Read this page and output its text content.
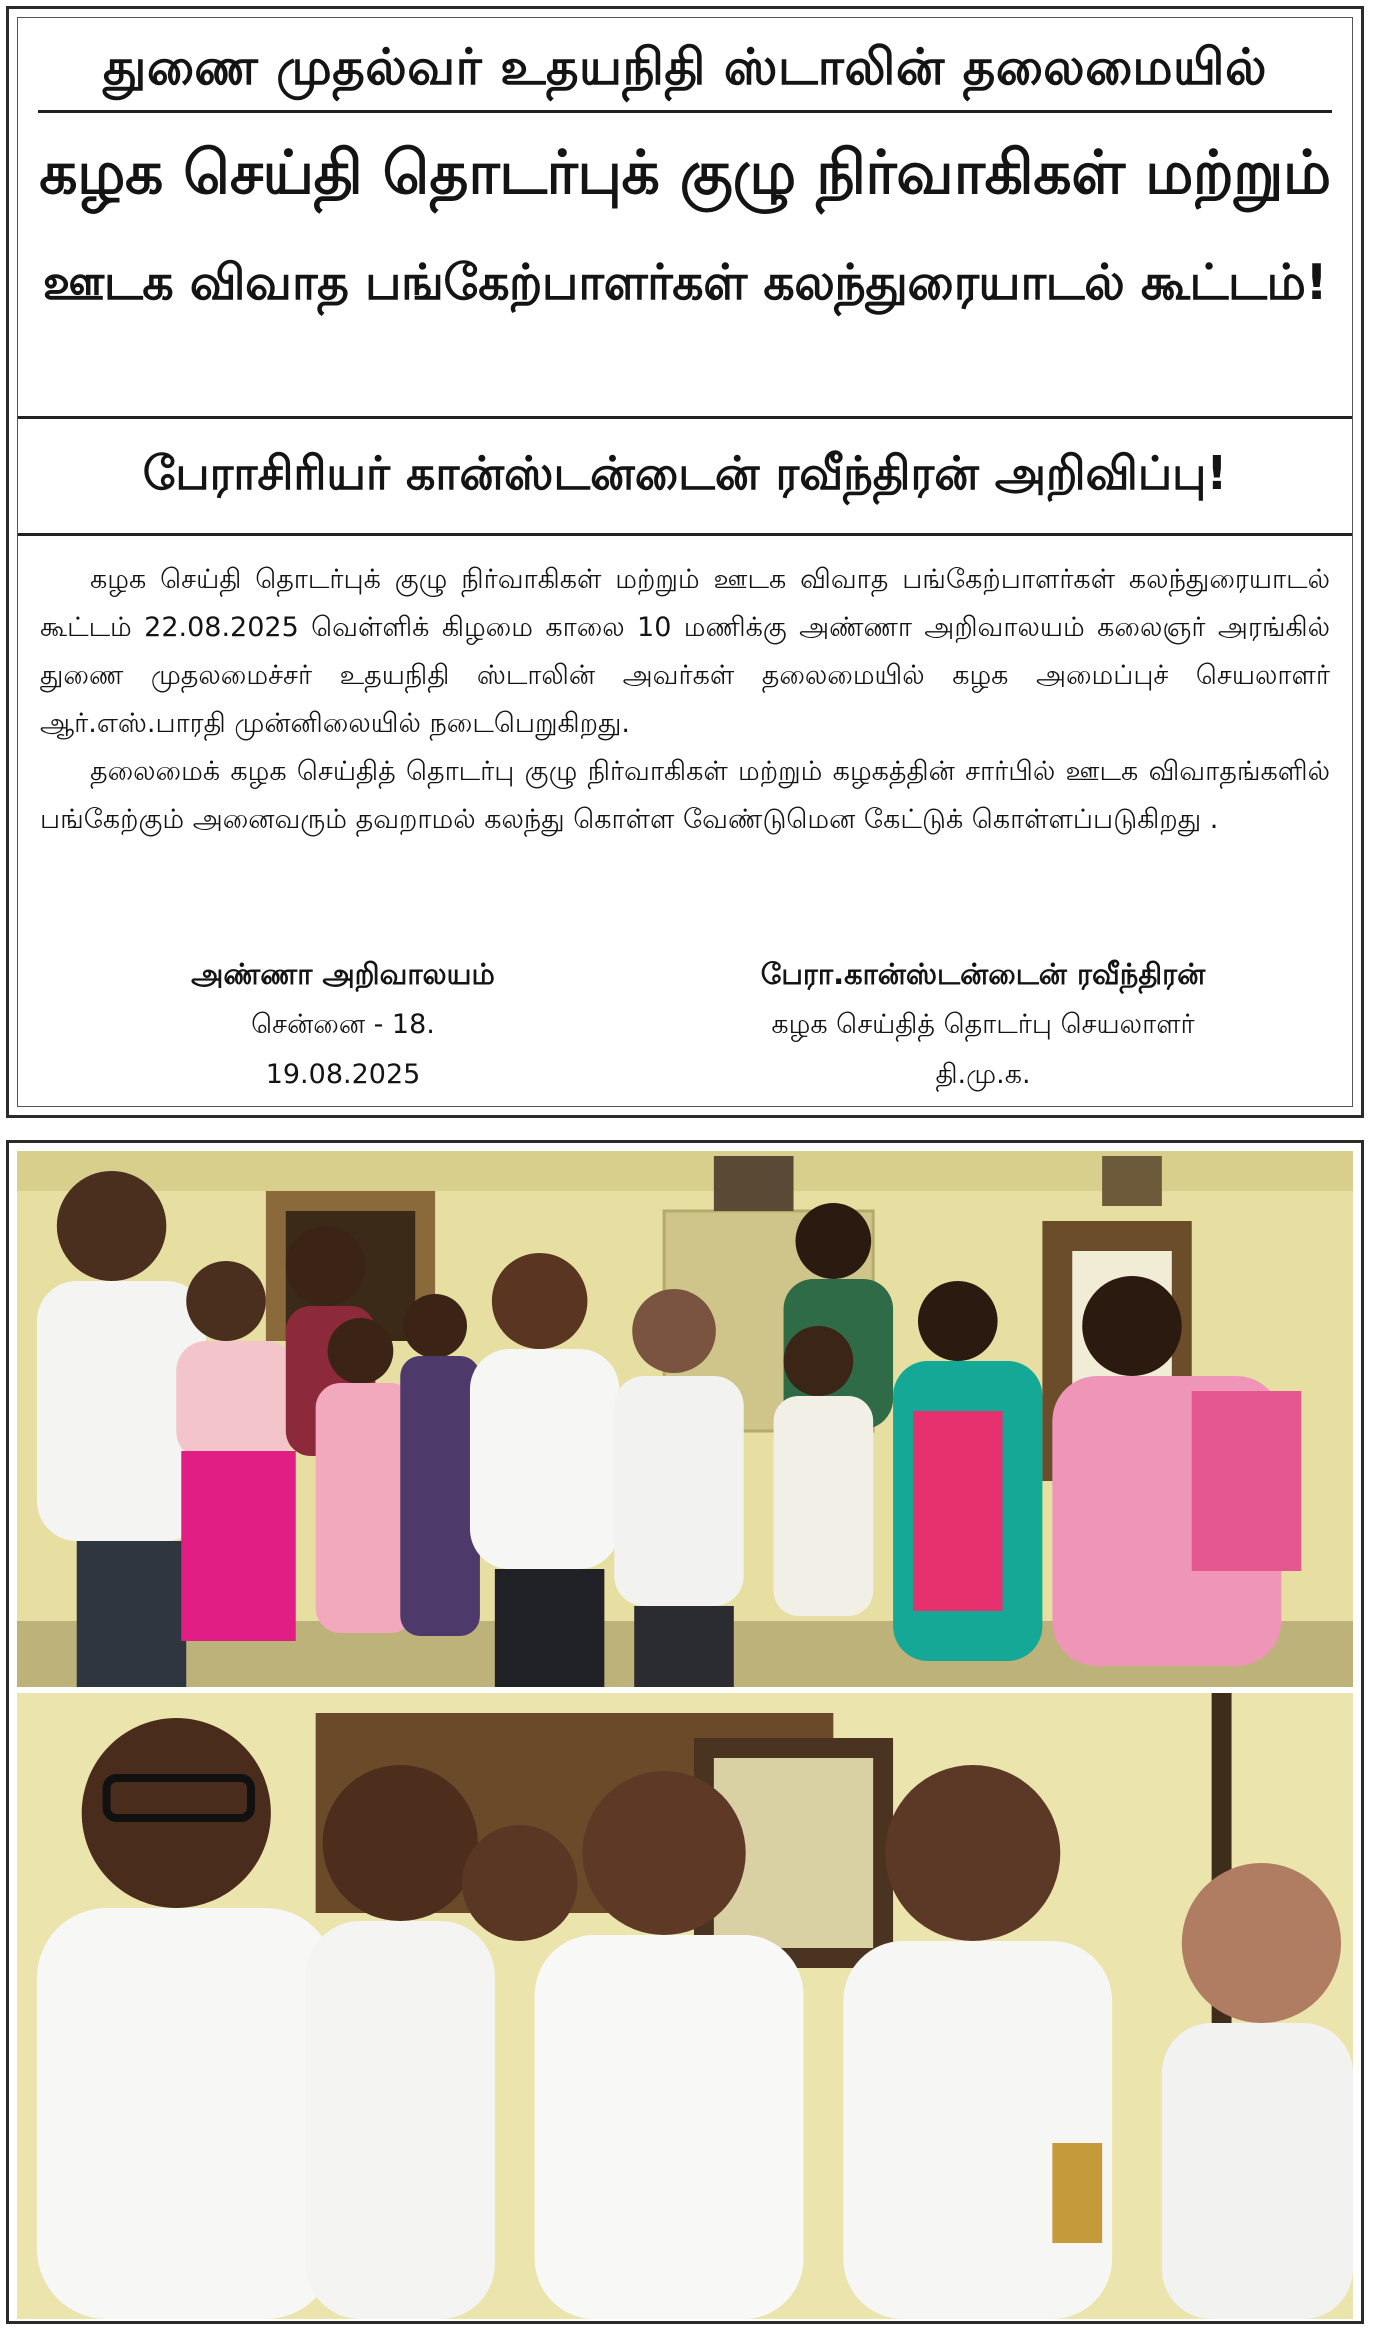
துணை முதல்வர் உதயநிதி ஸ்டாலின் தலைமையில்
கழக செய்தி தொடர்புக் குழு நிர்வாகிகள் மற்றும்
ஊடக விவாத பங்கேற்பாளர்கள் கலந்துரையாடல் கூட்டம்!
பேராசிரியர் கான்ஸ்டன்டைன் ரவீந்திரன் அறிவிப்பு!

கழக செய்தி தொடர்புக் குழு நிர்வாகிகள் மற்றும் ஊடக விவாத பங்கேற்பாளர்கள் கலந்துரையாடல் கூட்டம் 22.08.2025 வெள்ளிக் கிழமை காலை 10 மணிக்கு அண்ணா அறிவாலயம் கலைஞர் அரங்கில் துணை முதலமைச்சர் உதயநிதி ஸ்டாலின் அவர்கள் தலைமையில் கழக அமைப்புச் செயலாளர் ஆர்.எஸ்.பாரதி முன்னிலையில் நடைபெறுகிறது.

தலைமைக் கழக செய்தித் தொடர்பு குழு நிர்வாகிகள் மற்றும் கழகத்தின் சார்பில் ஊடக விவாதங்களில் பங்கேற்கும் அனைவரும் தவறாமல் கலந்து கொள்ள வேண்டுமென கேட்டுக் கொள்ளப்படுகிறது .

அண்ணா அறிவாலயம்
சென்னை - 18.
19.08.2025
பேரா.கான்ஸ்டன்டைன் ரவீந்திரன்
கழக செய்தித் தொடர்பு செயலாளர்
தி.மு.க.
